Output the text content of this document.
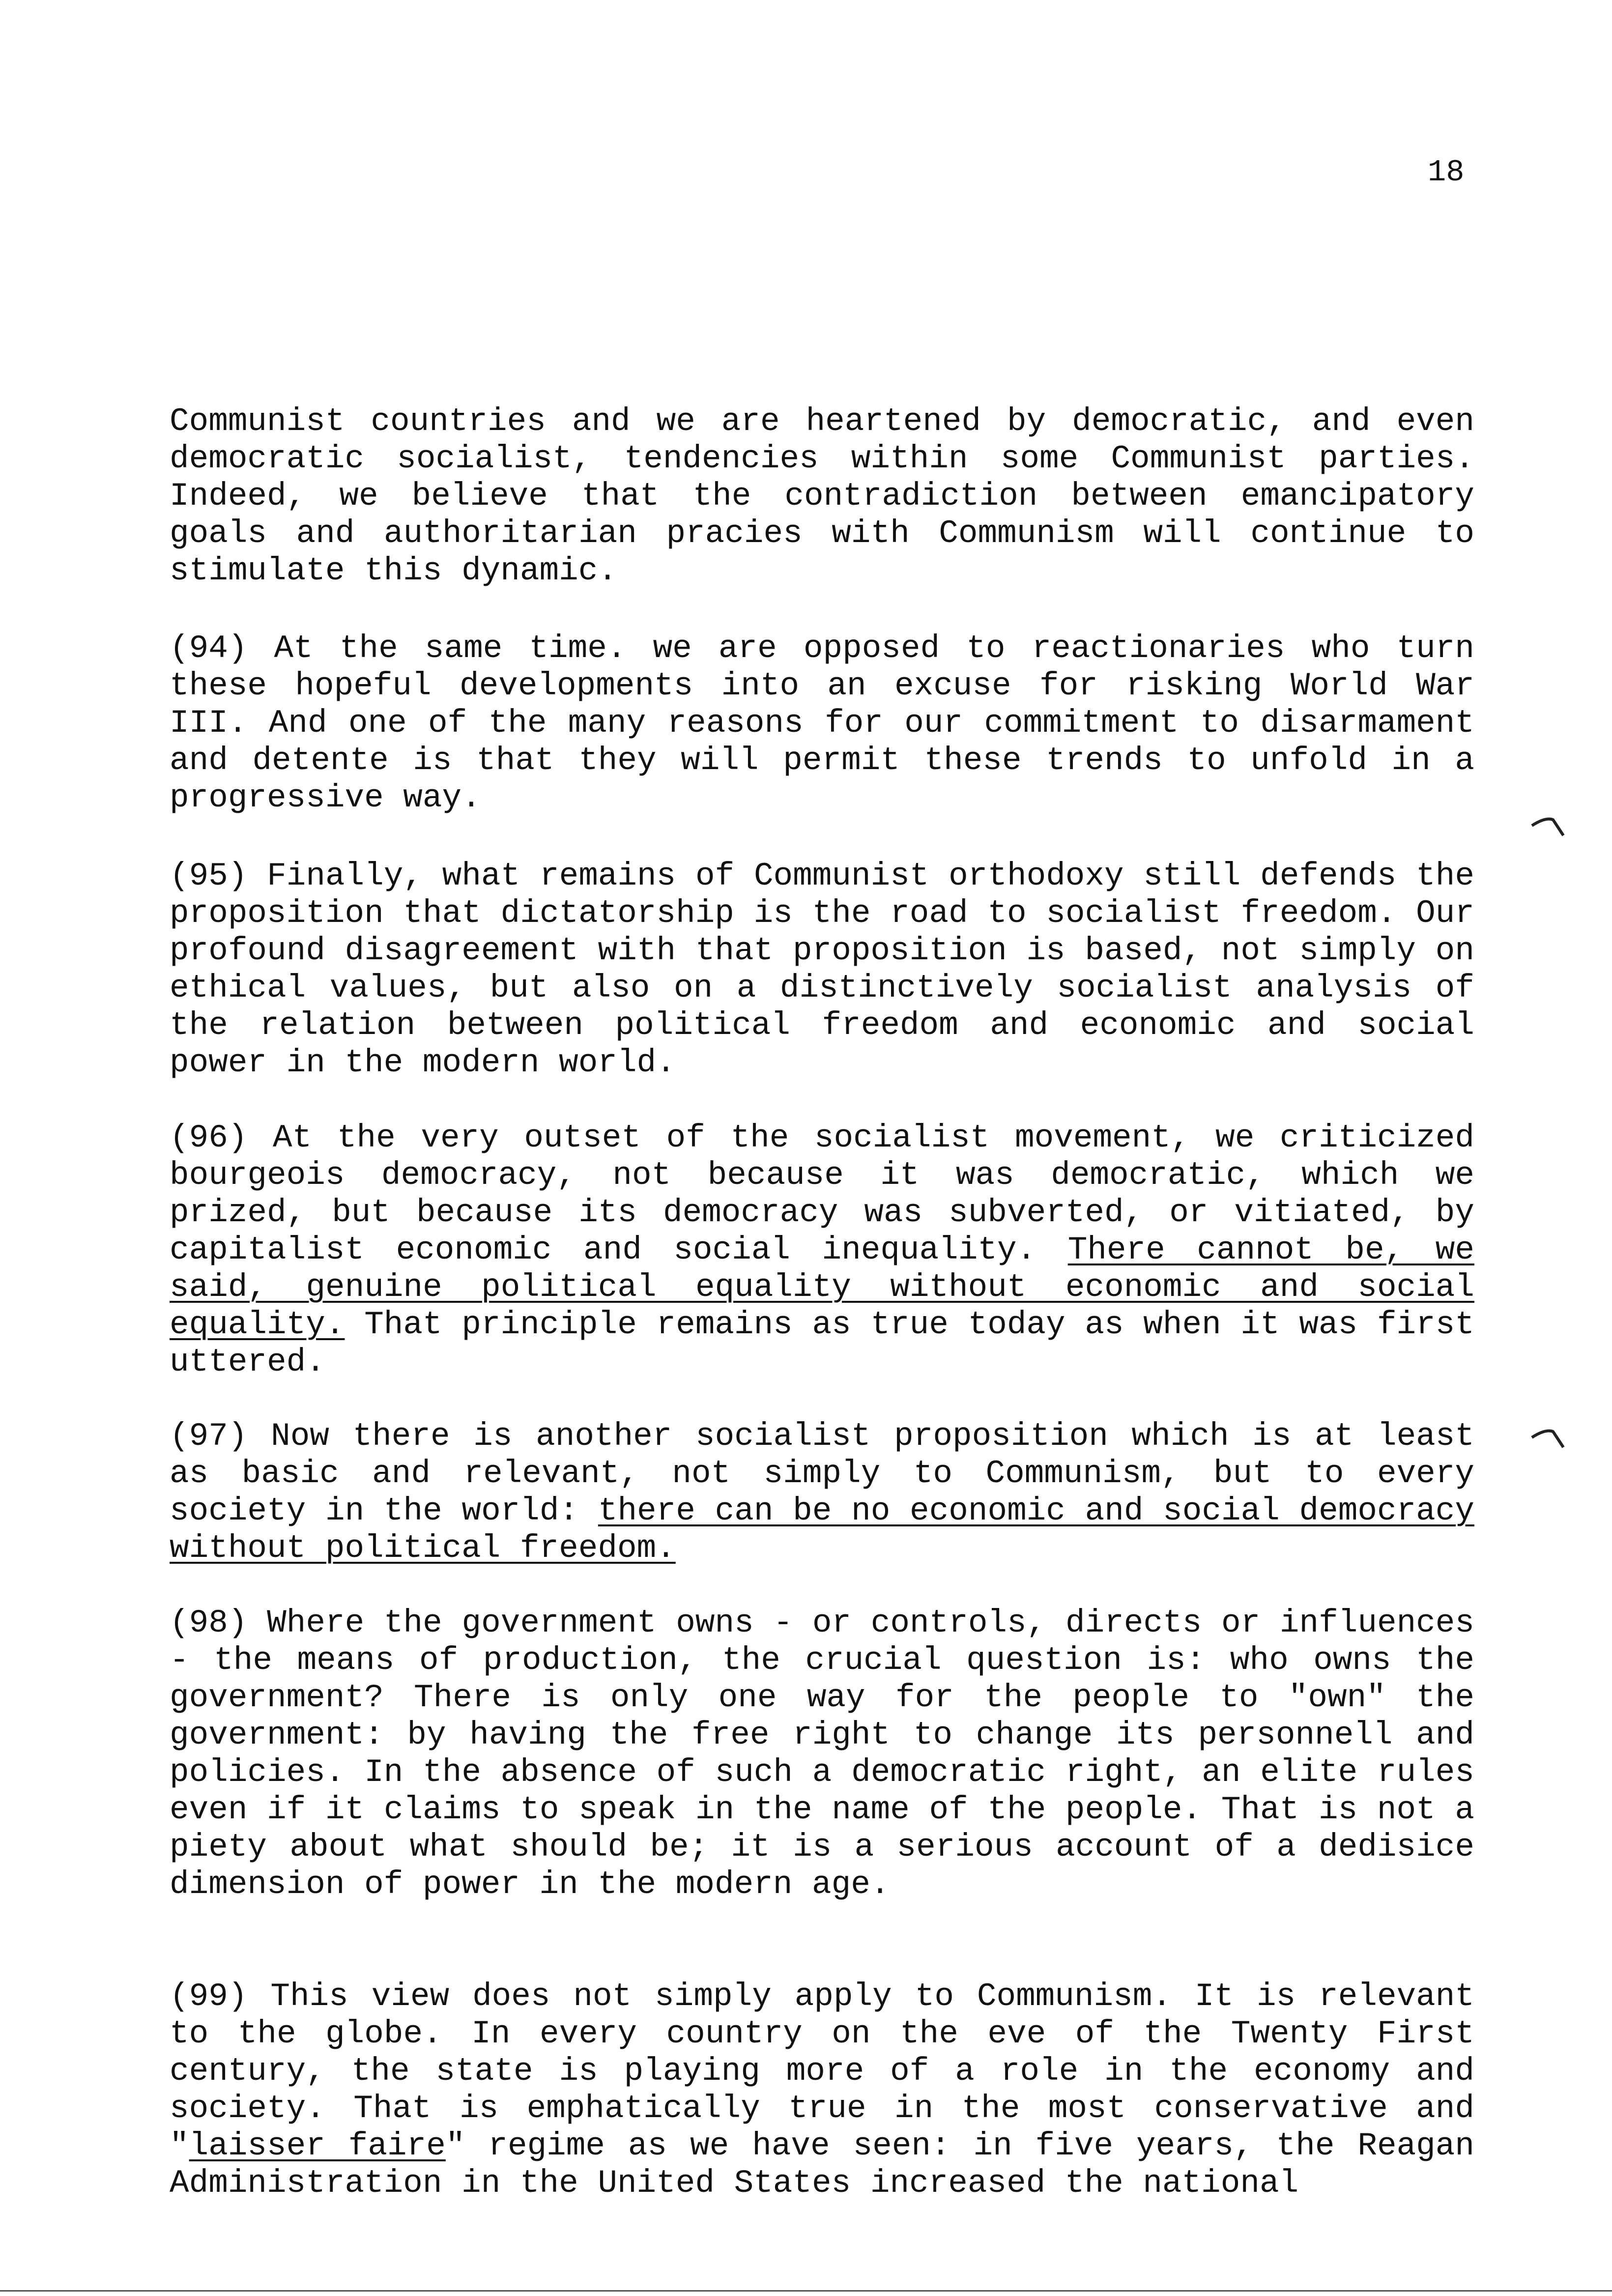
18

Communist countries and we are heartened by democratic, and even democratic socialist, tendencies within some Communist parties. Indeed, we believe that the contradiction between emancipatory goals and authoritarian pracies with Communism will continue to stimulate this dynamic.

(94) At the same time. we are opposed to reactionaries who turn these hopeful developments into an excuse for risking World War III. And one of the many reasons for our commitment to disarmament and detente is that they will permit these trends to unfold in a progressive way.

(95) Finally, what remains of Communist orthodoxy still defends the proposition that dictatorship is the road to socialist freedom. Our profound disagreement with that proposition is based, not simply on ethical values, but also on a distinctively socialist analysis of the relation between political freedom and economic and social power in the modern world.

(96) At the very outset of the socialist movement, we criticized bourgeois democracy, not because it was democratic, which we prized, but because its democracy was subverted, or vitiated, by capitalist economic and social inequality. There cannot be, we said, genuine political equality without economic and social equality. That principle remains as true today as when it was first uttered.

(97) Now there is another socialist proposition which is at least as basic and relevant, not simply to Communism, but to every society in the world: there can be no economic and social democracy without political freedom.

(98) Where the government owns - or controls, directs or influences - the means of production, the crucial question is: who owns the government? There is only one way for the people to "own" the government: by having the free right to change its personnell and policies. In the absence of such a democratic right, an elite rules even if it claims to speak in the name of the people. That is not a piety about what should be; it is a serious account of a dedisice dimension of power in the modern age.

(99) This view does not simply apply to Communism. It is relevant to the globe. In every country on the eve of the Twenty First century, the state is playing more of a role in the economy and society. That is emphatically true in the most conservative and "laisser faire" regime as we have seen: in five years, the Reagan Administration in the United States increased the national
